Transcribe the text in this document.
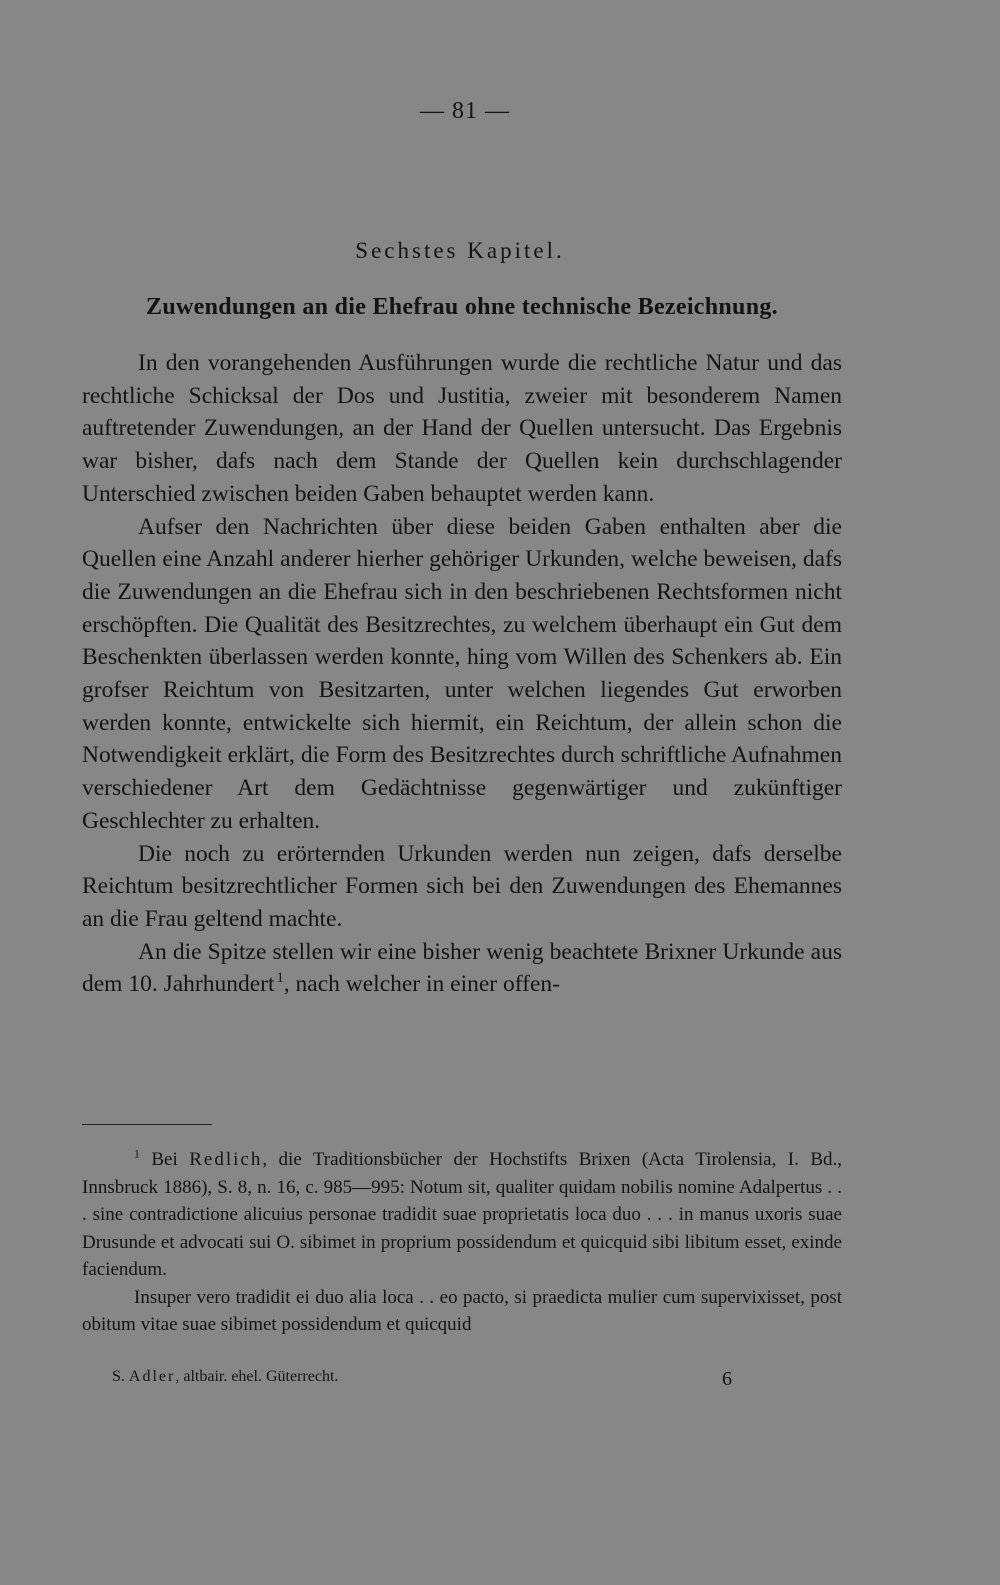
— 81 —
Sechstes Kapitel.
Zuwendungen an die Ehefrau ohne technische Bezeichnung.

In den vorangehenden Ausführungen wurde die rechtliche Natur und das rechtliche Schicksal der Dos und Justitia, zweier mit besonderem Namen auftretender Zuwendungen, an der Hand der Quellen untersucht. Das Ergebnis war bisher, dafs nach dem Stande der Quellen kein durchschlagender Unterschied zwischen beiden Gaben behauptet werden kann.

Aufser den Nachrichten über diese beiden Gaben enthalten aber die Quellen eine Anzahl anderer hierher gehöriger Urkunden, welche beweisen, dafs die Zuwendungen an die Ehefrau sich in den beschriebenen Rechtsformen nicht erschöpften. Die Qualität des Besitzrechtes, zu welchem überhaupt ein Gut dem Beschenkten überlassen werden konnte, hing vom Willen des Schenkers ab. Ein grofser Reichtum von Besitzarten, unter welchen liegendes Gut erworben werden konnte, entwickelte sich hiermit, ein Reichtum, der allein schon die Notwendigkeit erklärt, die Form des Besitzrechtes durch schriftliche Aufnahmen verschiedener Art dem Gedächtnisse gegenwärtiger und zukünftiger Geschlechter zu erhalten.

Die noch zu erörternden Urkunden werden nun zeigen, dafs derselbe Reichtum besitzrechtlicher Formen sich bei den Zuwendungen des Ehemannes an die Frau geltend machte.

An die Spitze stellen wir eine bisher wenig beachtete Brixner Urkunde aus dem 10. Jahrhundert  $^1$, nach welcher in einer offen-

$^1$ Bei Redlich, die Traditionsbücher der Hochstifts Brixen (Acta Tirolensia, I. Bd., Innsbruck 1886), S. 8, n. 16, c. 985—995: Notum sit, qualiter quidam nobilis nomine Adalpertus . . . sine contradictione alicuius personae tradidit suae proprietatis loca duo . . . in manus uxoris suae Drusunde et advocati sui O. sibimet in proprium possidendum et quicquid sibi libitum esset, exinde faciendum.

Insuper vero tradidit ei duo alia loca . . eo pacto, si praedicta mulier cum supervixisset, post obitum vitae suae sibimet possidendum et quicquid

S. Adler, altbair. ehel. Güterrecht.	6
